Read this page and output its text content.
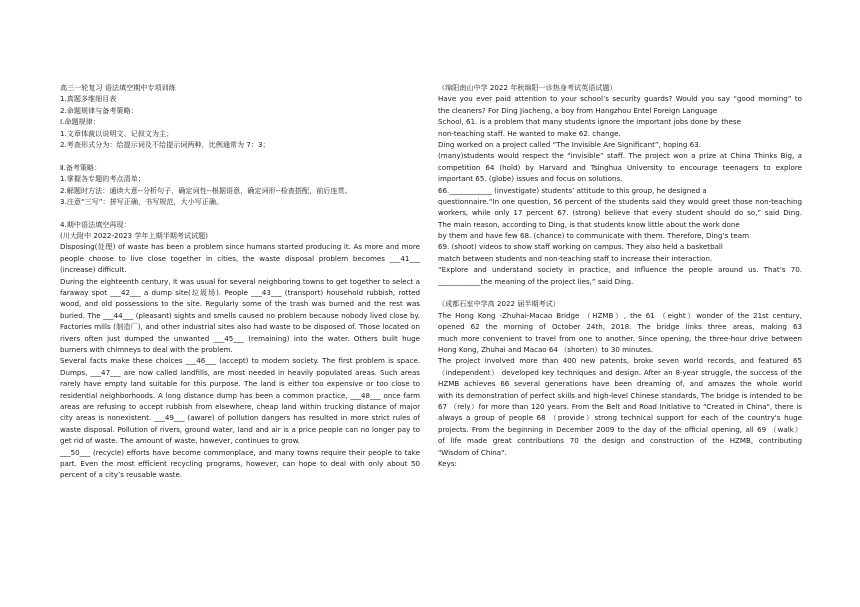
高三一轮复习 语法填空期中专项训练
1.真题多维细目表
2.命题规律与备考策略：
Ⅰ.命题规律：
1.文章体裁以说明文、记叙文为主；
2.考查形式分为：给提示词及不给提示词两种，比例通常为 7：3；
Ⅱ.备考策略：
1.掌握各专题的考点清单；
2.解题时方法：通读大意--分析句子，确定词性--根据语意，确定词形--检查搭配，前后连贯。
3.注意“三写”：拼写正确，书写规范，大小写正确。
4.期中语法填空再现：
(川大附中 2022-2023 学年上期半期考试试题)
Disposing(处理) of waste has been a problem since humans started producing it. As more and more
people choose to live close together in cities, the waste disposal problem becomes ___41___
(increase) difficult.
During the eighteenth century, it was usual for several neighboring towns to get together to select a
faraway spot ___42___ a dump site(垃圾场). People ___43___ (transport) household rubbish, rotted
wood, and old possessions to the site. Regularly some of the trash was burned and the rest was
buried. The ___44___ (pleasant) sights and smells caused no problem because nobody lived close by.
Factories mills (制造厂), and other industrial sites also had waste to be disposed of. Those located on
rivers often just dumped the unwanted ___45___ (remaining) into the water. Others built huge
burners with chimneys to deal with the problem.
Several facts make these choices ___46___ (accept) to modern society. The first problem is space.
Dumps, ___47___ are now called landfills, are most needed in heavily populated areas. Such areas
rarely have empty land suitable for this purpose. The land is either too expensive or too close to
residential neighborhoods. A long distance dump has been a common practice, ___48___ once farm
areas are refusing to accept rubbish from elsewhere, cheap land within trucking distance of major
city areas is nonexistent. ___49___ (aware) of pollution dangers has resulted in more strict rules of
waste disposal. Pollution of rivers, ground water, land and air is a price people can no longer pay to
get rid of waste. The amount of waste, however, continues to grow.
___50___ (recycle) efforts have become commonplace, and many towns require their people to take
part. Even the most efficient recycling programs, however, can hope to deal with only about 50
percent of a city’s reusable waste.
（绵阳南山中学 2022 年秋绵阳一诊热身考试英语试题）
Have you ever paid attention to your school’s security guards? Would you say “good morning” to
the cleaners? For Ding Jiacheng, a boy from Hangzhou Entel Foreign Language
School, 61. is a problem that many students ignore the important jobs done by these
non-teaching staff. He wanted to make 62. change.
Ding worked on a project called “The Invisible Are Significant”, hoping 63.
(many)students would respect the “invisible” staff. The project won a prize at China Thinks Big, a
competition 64 (hold) by Harvard and Tsinghua University to encourage teenagers to explore
important 65. (globe) issues and focus on solutions.
66.____________ (investigate) students’ attitude to this group, he designed a
questionnaire.“In one question, 56 percent of the students said they would greet those non-teaching
workers, while only 17 percent 67. (strong) believe that every student should do so,” said Ding.
The main reason, according to Ding, is that students know little about the work done
by them and have few 68. (chance) to communicate with them. Therefore, Ding’s team
69. (shoot) videos to show staff working on campus. They also held a basketball
match between students and non-teaching staff to increase their interaction.
“Explore and understand society in practice, and influence the people around us. That’s 70.
____________the meaning of the project lies,” said Ding.
（成都石室中学高 2022 届半期考试）
The Hong Kong -Zhuhai-Macao Bridge （HZMB）, the 61 （eight）wonder of the 21st century,
opened 62 the morning of October 24th, 2018. The bridge links three areas, making 63
much more convenient to travel from one to another. Since opening, the three-hour drive between
Hong Kong, Zhuhai and Macao 64 （shorten）to 30 minutes.
The project involved more than 400 new patents, broke seven world records, and featured 65
（independent） developed key techniques and design. After an 8-year struggle, the success of the
HZMB achieves 66 several generations have been dreaming of, and amazes the whole world
with its demonstration of perfect skills and high-level Chinese standards, The bridge is intended to be
67 （rely）for more than 120 years. From the Belt and Road Initiative to "Created in China", there is
always a group of people 68 （provide）strong technical support for each of the country's huge
projects. From the beginning in December 2009 to the day of the official opening, all 69 （walk）
of life made great contributions 70 the design and construction of the HZMB, contributing
"Wisdom of China".
Keys:
